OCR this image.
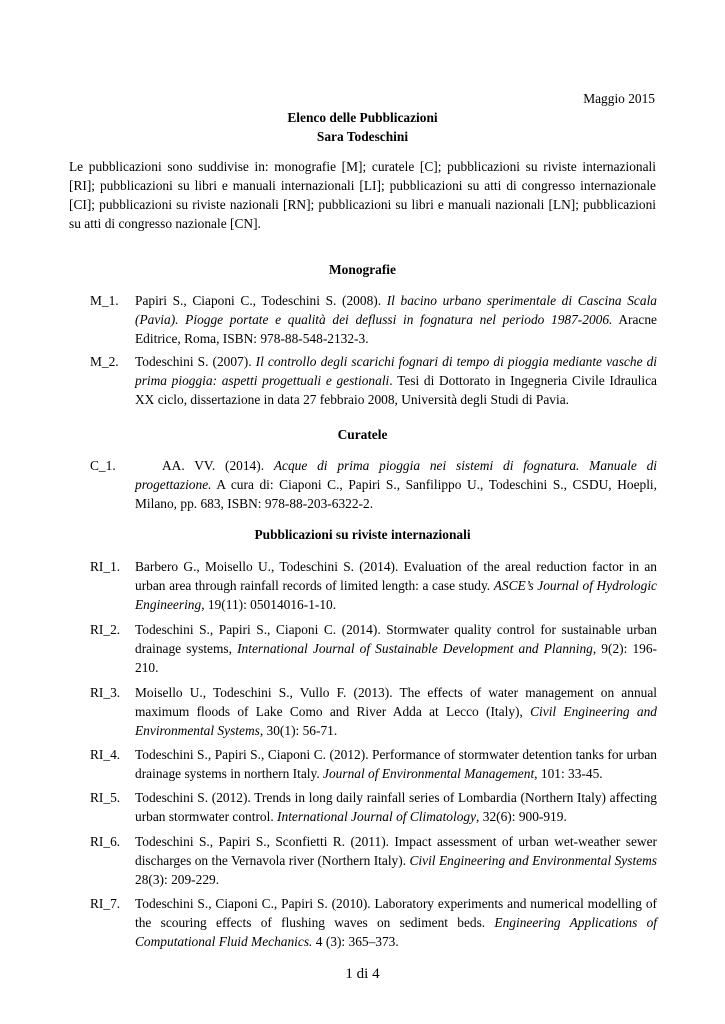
Maggio 2015
Elenco delle Pubblicazioni
Sara Todeschini
Le pubblicazioni sono suddivise in: monografie [M]; curatele [C]; pubblicazioni su riviste internazionali [RI]; pubblicazioni su libri e manuali internazionali [LI]; pubblicazioni su atti di congresso internazionale [CI]; pubblicazioni su riviste nazionali [RN]; pubblicazioni su libri e manuali nazionali [LN]; pubblicazioni su atti di congresso nazionale [CN].
Monografie
M_1. Papiri S., Ciaponi C., Todeschini S. (2008). Il bacino urbano sperimentale di Cascina Scala (Pavia). Piogge portate e qualità dei deflussi in fognatura nel periodo 1987-2006. Aracne Editrice, Roma, ISBN: 978-88-548-2132-3.
M_2. Todeschini S. (2007). Il controllo degli scarichi fognari di tempo di pioggia mediante vasche di prima pioggia: aspetti progettuali e gestionali. Tesi di Dottorato in Ingegneria Civile Idraulica XX ciclo, dissertazione in data 27 febbraio 2008, Università degli Studi di Pavia.
Curatele
C_1.	AA. VV. (2014). Acque di prima pioggia nei sistemi di fognatura. Manuale di progettazione. A cura di: Ciaponi C., Papiri S., Sanfilippo U., Todeschini S., CSDU, Hoepli, Milano, pp. 683, ISBN: 978-88-203-6322-2.
Pubblicazioni su riviste internazionali
RI_1. Barbero G., Moisello U., Todeschini S. (2014). Evaluation of the areal reduction factor in an urban area through rainfall records of limited length: a case study. ASCE’s Journal of Hydrologic Engineering, 19(11): 05014016-1-10.
RI_2. Todeschini S., Papiri S., Ciaponi C. (2014). Stormwater quality control for sustainable urban drainage systems, International Journal of Sustainable Development and Planning, 9(2): 196-210.
RI_3. Moisello U., Todeschini S., Vullo F. (2013). The effects of water management on annual maximum floods of Lake Como and River Adda at Lecco (Italy), Civil Engineering and Environmental Systems, 30(1): 56-71.
RI_4. Todeschini S., Papiri S., Ciaponi C. (2012). Performance of stormwater detention tanks for urban drainage systems in northern Italy. Journal of Environmental Management, 101: 33-45.
RI_5. Todeschini S. (2012). Trends in long daily rainfall series of Lombardia (Northern Italy) affecting urban stormwater control. International Journal of Climatology, 32(6): 900-919.
RI_6. Todeschini S., Papiri S., Sconfietti R. (2011). Impact assessment of urban wet-weather sewer discharges on the Vernavola river (Northern Italy). Civil Engineering and Environmental Systems 28(3): 209-229.
RI_7. Todeschini S., Ciaponi C., Papiri S. (2010). Laboratory experiments and numerical modelling of the scouring effects of flushing waves on sediment beds. Engineering Applications of Computational Fluid Mechanics. 4 (3): 365–373.
1 di 4
